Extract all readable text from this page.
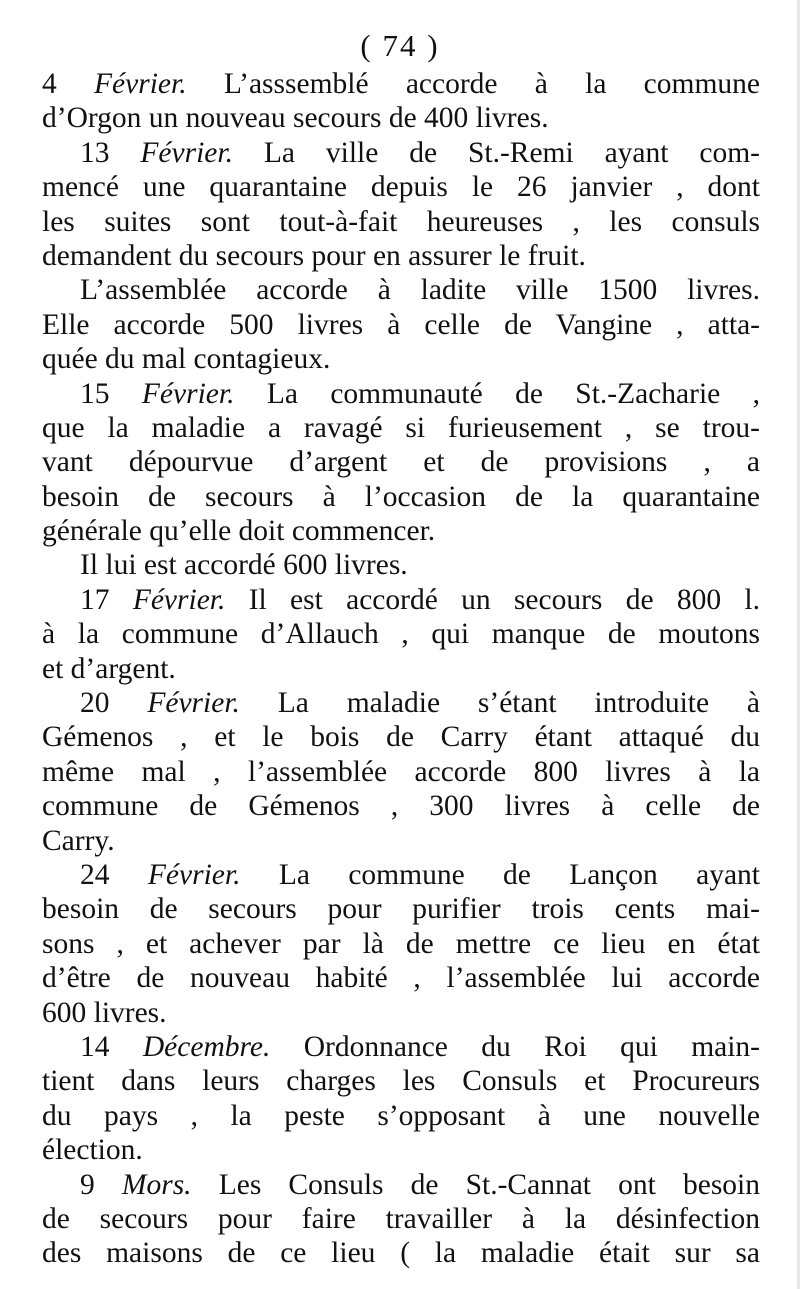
( 74 )
4 Février. L’asssemblé accorde à la commune
d’Orgon un nouveau secours de 400 livres.
13 Février. La ville de St.-Remi ayant com-
mencé une quarantaine depuis le 26 janvier , dont
les suites sont tout-à-fait heureuses , les consuls
demandent du secours pour en assurer le fruit.
L’assemblée accorde à ladite ville 1500 livres.
Elle accorde 500 livres à celle de Vangine , atta-
quée du mal contagieux.
15 Février. La communauté de St.-Zacharie ,
que la maladie a ravagé si furieusement , se trou-
vant dépourvue d’argent et de provisions , a
besoin de secours à l’occasion de la quarantaine
générale qu’elle doit commencer.
Il lui est accordé 600 livres.
17 Février. Il est accordé un secours de 800 l.
à la commune d’Allauch , qui manque de moutons
et d’argent.
20 Février. La maladie s’étant introduite à
Gémenos , et le bois de Carry étant attaqué du
même mal , l’assemblée accorde 800 livres à la
commune de Gémenos , 300 livres à celle de
Carry.
24 Février. La commune de Lançon ayant
besoin de secours pour purifier trois cents mai-
sons , et achever par là de mettre ce lieu en état
d’être de nouveau habité , l’assemblée lui accorde
600 livres.
14 Décembre. Ordonnance du Roi qui main-
tient dans leurs charges les Consuls et Procureurs
du pays , la peste s’opposant à une nouvelle
élection.
9 Mors. Les Consuls de St.-Cannat ont besoin
de secours pour faire travailler à la désinfection
des maisons de ce lieu ( la maladie était sur sa
